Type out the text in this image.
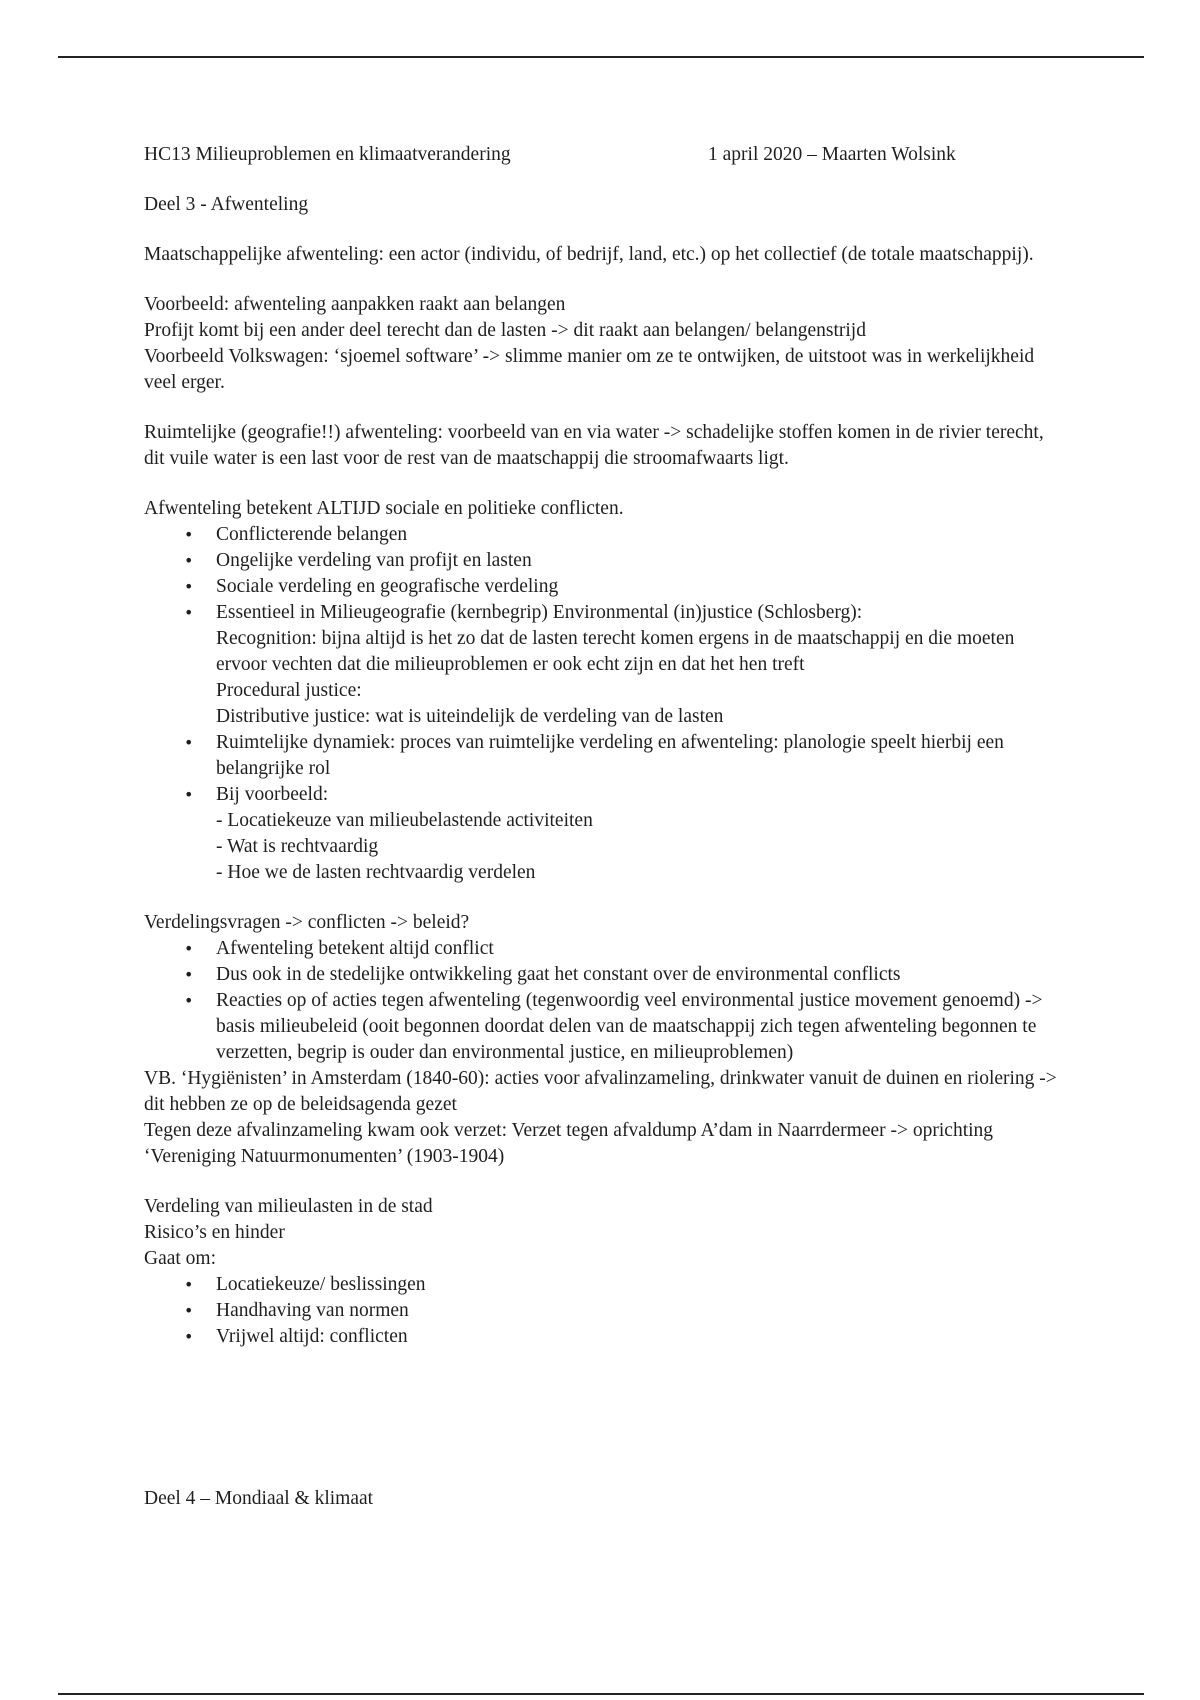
HC13 Milieuproblemen en klimaatverandering	1 april 2020 – Maarten Wolsink

Deel 3 - Afwenteling

Maatschappelijke afwenteling: een actor (individu, of bedrijf, land, etc.) op het collectief (de totale maatschappij).

Voorbeeld: afwenteling aanpakken raakt aan belangen

Profijt komt bij een ander deel terecht dan de lasten -> dit raakt aan belangen/ belangenstrijd

Voorbeeld Volkswagen: ‘sjoemel software’ -> slimme manier om ze te ontwijken, de uitstoot was in werkelijkheid veel erger.

Ruimtelijke (geografie!!) afwenteling: voorbeeld van en via water -> schadelijke stoffen komen in de rivier terecht, dit vuile water is een last voor de rest van de maatschappij die stroomafwaarts ligt.

Afwenteling betekent ALTIJD sociale en politieke conflicten.

• Conflicterende belangen
• Ongelijke verdeling van profijt en lasten
• Sociale verdeling en geografische verdeling
• Essentieel in Milieugeografie (kernbegrip) Environmental (in)justice (Schlosberg):
Recognition: bijna altijd is het zo dat de lasten terecht komen ergens in de maatschappij en die moeten ervoor vechten dat die milieuproblemen er ook echt zijn en dat het hen treft
Procedural justice:
Distributive justice: wat is uiteindelijk de verdeling van de lasten
• Ruimtelijke dynamiek: proces van ruimtelijke verdeling en afwenteling: planologie speelt hierbij een belangrijke rol
• Bij voorbeeld:
- Locatiekeuze van milieubelastende activiteiten
- Wat is rechtvaardig
- Hoe we de lasten rechtvaardig verdelen

Verdelingsvragen -> conflicten -> beleid?

• Afwenteling betekent altijd conflict
• Dus ook in de stedelijke ontwikkeling gaat het constant over de environmental conflicts
• Reacties op of acties tegen afwenteling (tegenwoordig veel environmental justice movement genoemd) -> basis milieubeleid (ooit begonnen doordat delen van de maatschappij zich tegen afwenteling begonnen te verzetten, begrip is ouder dan environmental justice, en milieuproblemen)

VB. ‘Hygiënisten’ in Amsterdam (1840-60): acties voor afvalinzameling, drinkwater vanuit de duinen en riolering -> dit hebben ze op de beleidsagenda gezet

Tegen deze afvalinzameling kwam ook verzet: Verzet tegen afvaldump A’dam in Naarrdermeer -> oprichting ‘Vereniging Natuurmonumenten’ (1903-1904)

Verdeling van milieulasten in de stad

Risico’s en hinder

Gaat om:

• Locatiekeuze/ beslissingen
• Handhaving van normen
• Vrijwel altijd: conflicten

Deel 4 – Mondiaal & klimaat
